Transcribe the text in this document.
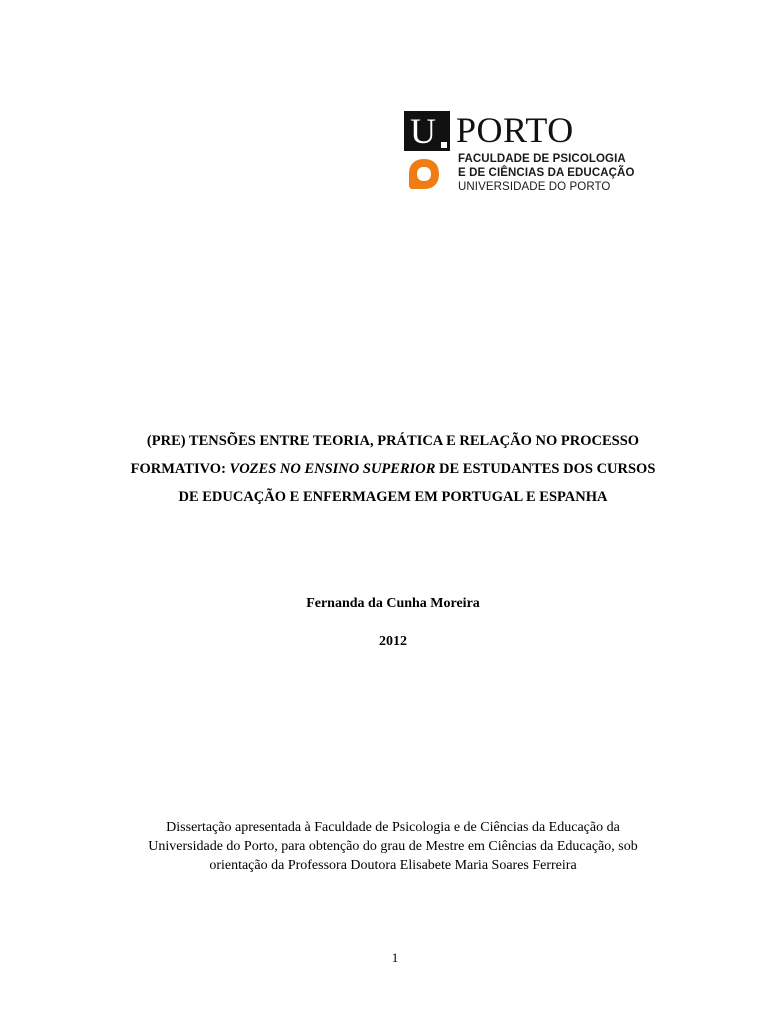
U PORTO
FACULDADE DE PSICOLOGIA
E DE CIÊNCIAS DA EDUCAÇÃO
UNIVERSIDADE DO PORTO
(PRE) TENSÕES ENTRE TEORIA, PRÁTICA E RELAÇÃO NO PROCESSO
FORMATIVO: VOZES NO ENSINO SUPERIOR DE ESTUDANTES DOS CURSOS
DE EDUCAÇÃO E ENFERMAGEM EM PORTUGAL E ESPANHA
Fernanda da Cunha Moreira
2012
Dissertação apresentada à Faculdade de Psicologia e de Ciências da Educação da
Universidade do Porto, para obtenção do grau de Mestre em Ciências da Educação, sob
orientação da Professora Doutora Elisabete Maria Soares Ferreira
1
